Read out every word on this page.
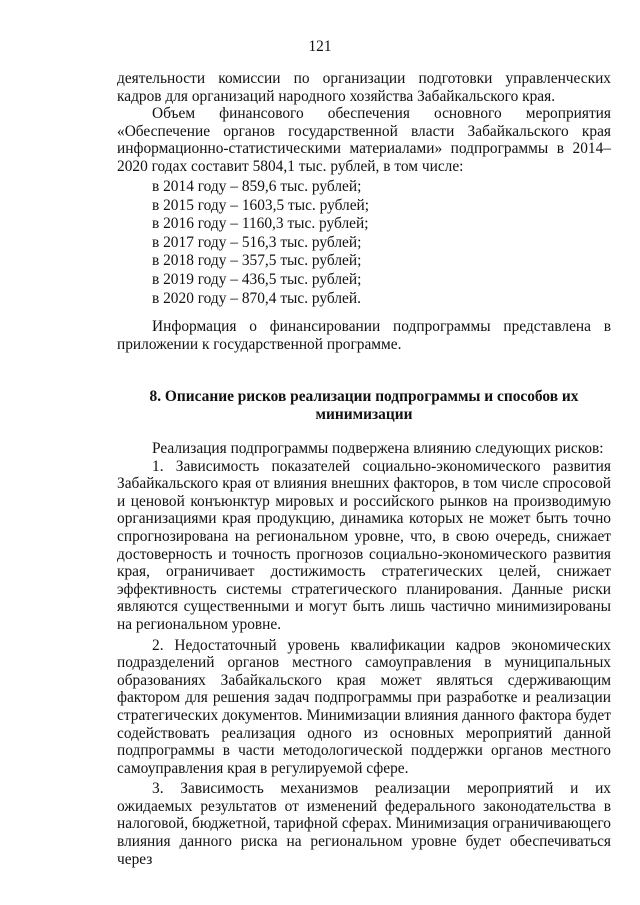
121

деятельности комиссии по организации подготовки управленческих кадров для организаций народного хозяйства Забайкальского края.

Объем финансового обеспечения основного мероприятия «Обеспечение органов государственной власти Забайкальского края информационно-статистическими материалами» подпрограммы в 2014–2020 годах составит 5804,1 тыс. рублей, в том числе:

в 2014 году – 859,6 тыс. рублей;
в 2015 году – 1603,5 тыс. рублей;
в 2016 году – 1160,3 тыс. рублей;
в 2017 году – 516,3 тыс. рублей;
в 2018 году – 357,5 тыс. рублей;
в 2019 году – 436,5 тыс. рублей;
в 2020 году – 870,4 тыс. рублей.

Информация о финансировании подпрограммы представлена в приложении к государственной программе.

8. Описание рисков реализации подпрограммы и способов их минимизации

Реализация подпрограммы подвержена влиянию следующих рисков:

1. Зависимость показателей социально-экономического развития Забайкальского края от влияния внешних факторов, в том числе спросовой и ценовой конъюнктур мировых и российского рынков на производимую организациями края продукцию, динамика которых не может быть точно спрогнозирована на региональном уровне, что, в свою очередь, снижает достоверность и точность прогнозов социально-экономического развития края, ограничивает достижимость стратегических целей, снижает эффективность системы стратегического планирования. Данные риски являются существенными и могут быть лишь частично минимизированы на региональном уровне.

2. Недостаточный уровень квалификации кадров экономических подразделений органов местного самоуправления в муниципальных образованиях Забайкальского края может являться сдерживающим фактором для решения задач подпрограммы при разработке и реализации стратегических документов. Минимизации влияния данного фактора будет содействовать реализация одного из основных мероприятий данной подпрограммы в части методологической поддержки органов местного самоуправления края в регулируемой сфере.

3. Зависимость механизмов реализации мероприятий и их ожидаемых результатов от изменений федерального законодательства в налоговой, бюджетной, тарифной сферах. Минимизация ограничивающего влияния данного риска на региональном уровне будет обеспечиваться через
